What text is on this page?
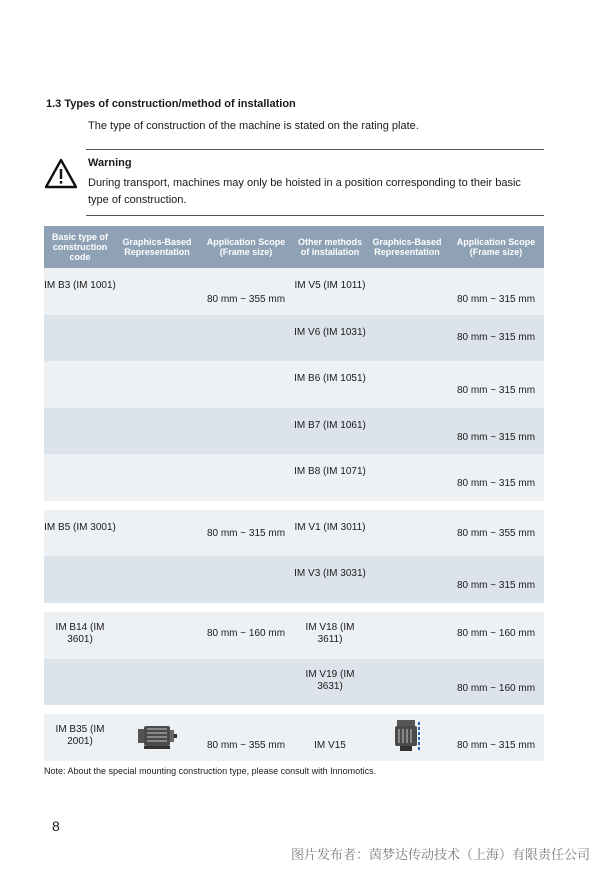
1.3 Types of construction/method of installation
The type of construction of the machine is stated on the rating plate.
Warning
During transport, machines may only be hoisted in a position corresponding to their basic type of construction.
Basic type of construction code	Graphics-Based Representation	Application Scope (Frame size)	Other methods of installation	Graphics-Based Representation	Application Scope (Frame size)

IM B3 (IM 1001)		80 mm ~ 355 mm	IM V5 (IM 1011)		80 mm ~ 315 mm

			IM V6 (IM 1031)		80 mm ~ 315 mm

			IM B6 (IM 1051)		80 mm ~ 315 mm

			IM B7 (IM 1061)		80 mm ~ 315 mm

			IM B8 (IM 1071)		80 mm ~ 315 mm

IM B5 (IM 3001)		80 mm ~ 315 mm	IM V1 (IM 3011)		80 mm ~ 355 mm

			IM V3 (IM 3031)		80 mm ~ 315 mm

IM B14 (IM 3601)		80 mm ~ 160 mm	IM V18 (IM 3611)		80 mm ~ 160 mm

			IM V19 (IM 3631)		80 mm ~ 160 mm

IM B35 (IM 2001)		80 mm ~ 355 mm	IM V15		80 mm ~ 315 mm
Note: About the special mounting construction type, please consult with Innomotics.
8
图片发布者：茵梦达传动技术（上海）有限责任公司
